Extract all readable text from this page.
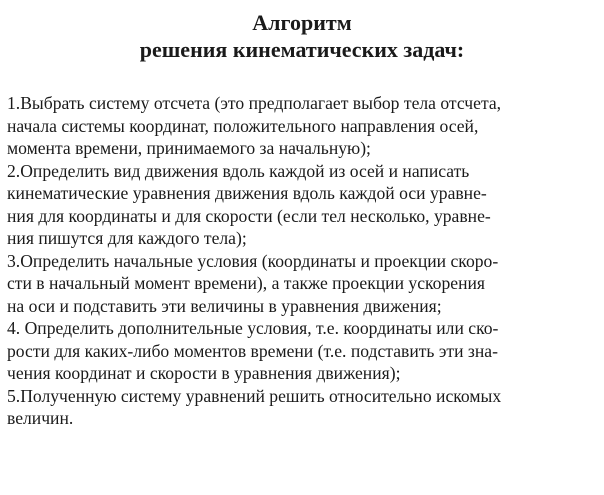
Алгоритм
решения кинематических задач:
1.Выбрать систему отсчета (это предполагает выбор тела отсчета,
начала системы координат, положительного направления осей,
момента времени, принимаемого за начальную);
2.Определить вид движения вдоль каждой из осей и написать
кинематические уравнения движения вдоль каждой оси уравне-
ния для координаты и для скорости (если тел несколько, уравне-
ния пишутся для каждого тела);
3.Определить начальные условия (координаты и проекции скоро-
сти в начальный момент времени), а также проекции ускорения
на оси и подставить эти величины в уравнения движения;
4. Определить дополнительные условия, т.е. координаты или ско-
рости для каких-либо моментов времени (т.е. подставить эти зна-
чения координат и скорости в уравнения движения);
5.Полученную систему уравнений решить относительно искомых
величин.
